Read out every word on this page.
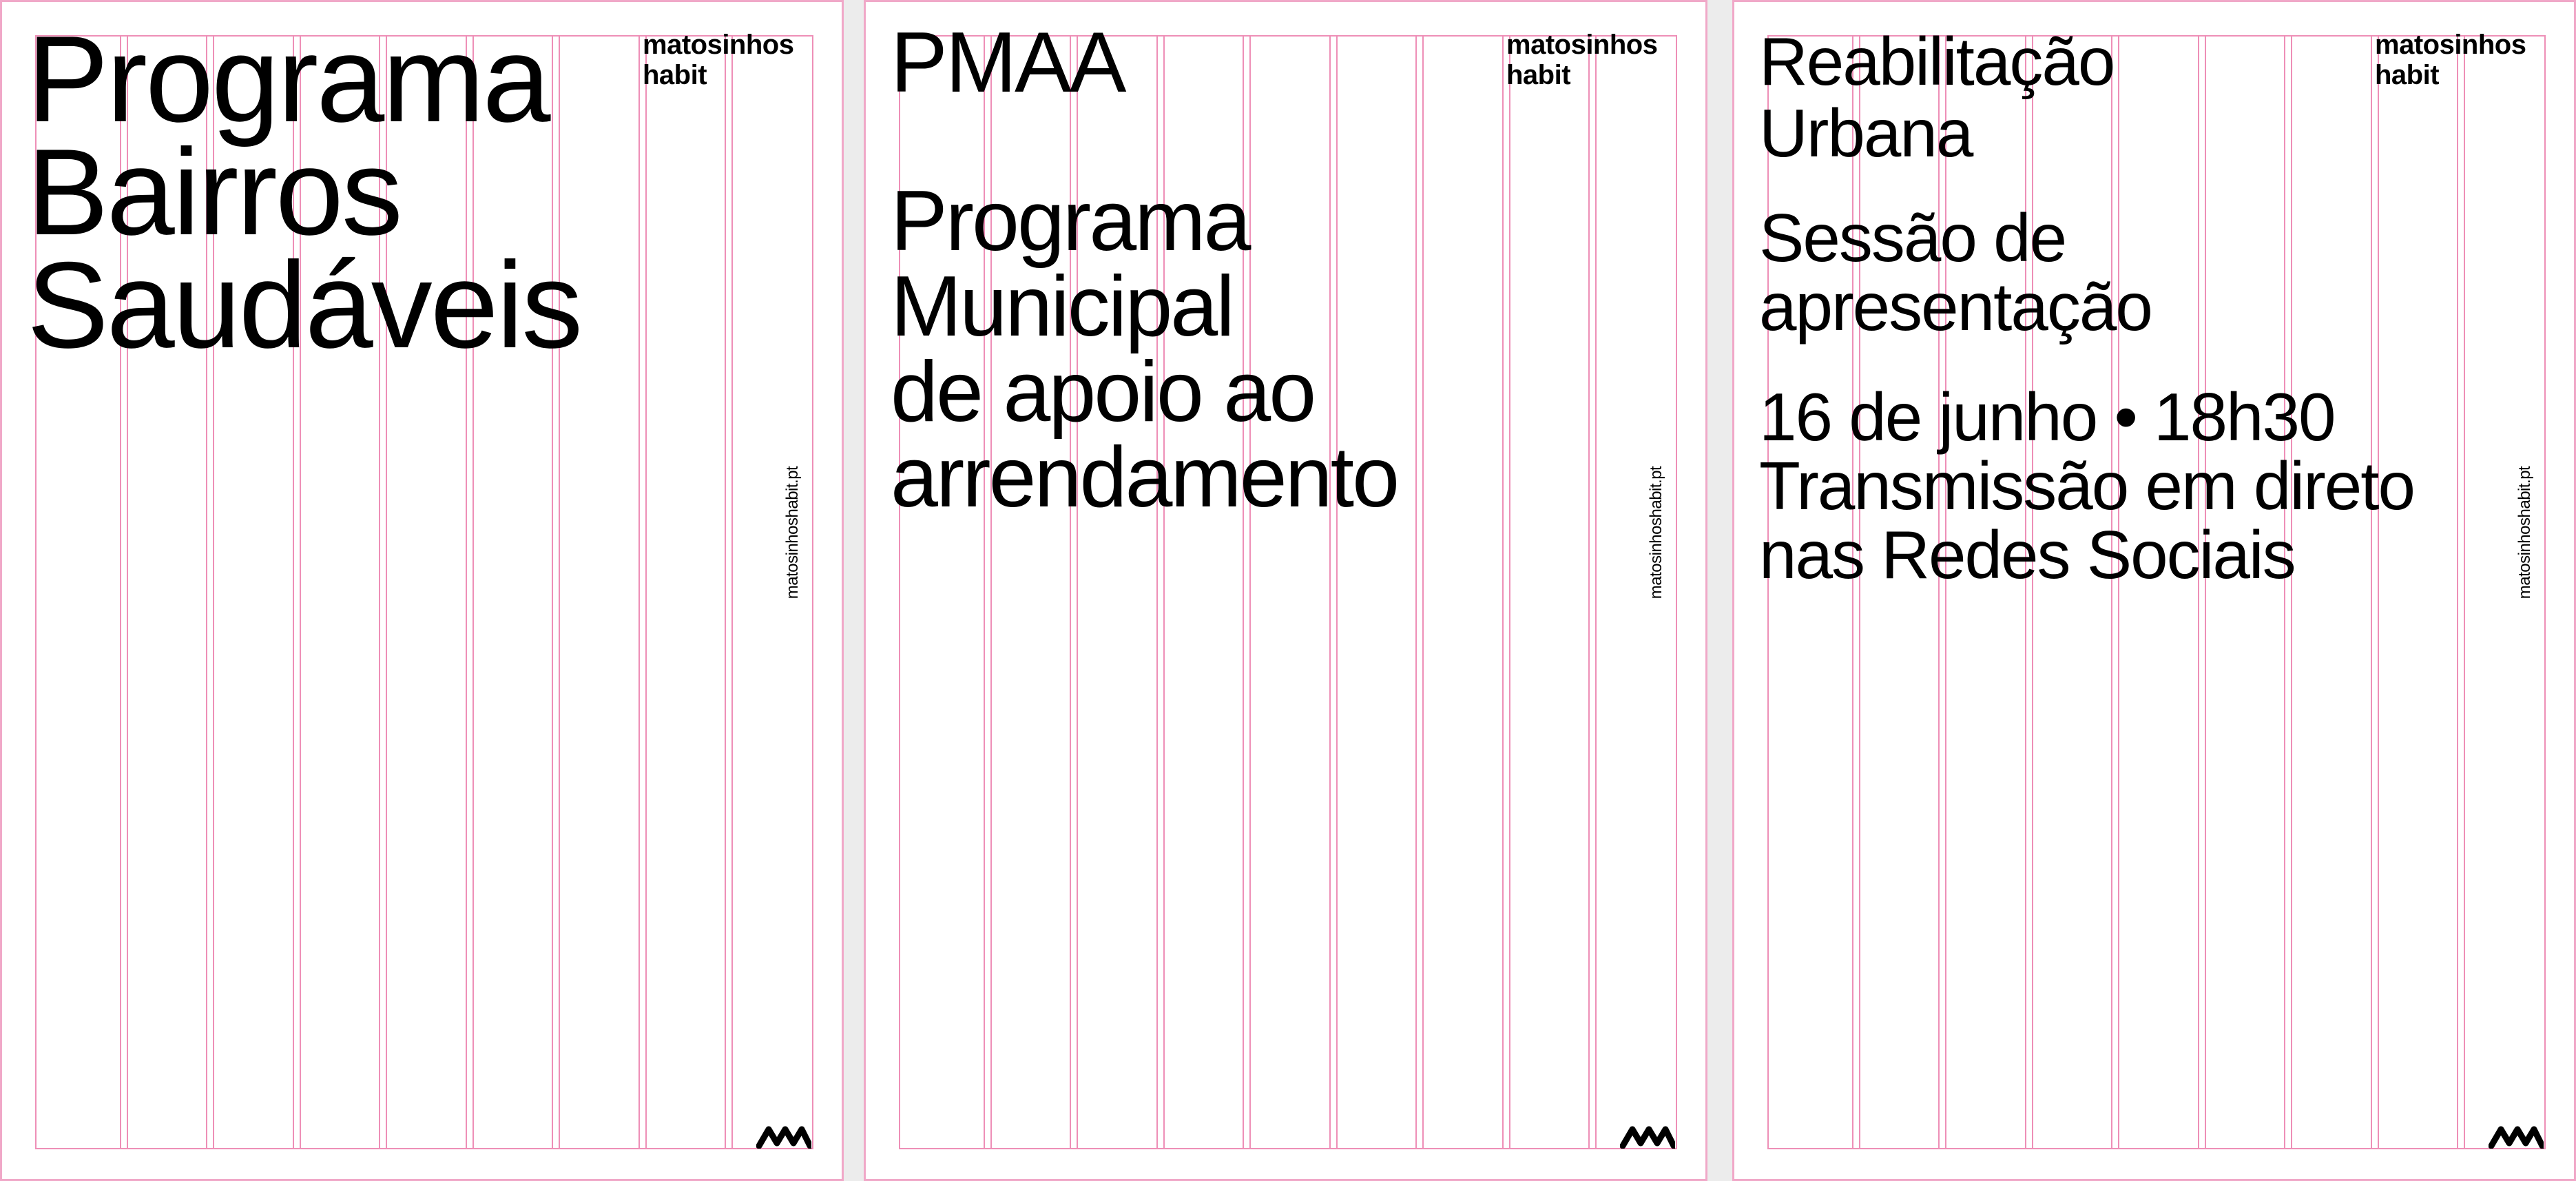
Programa
Bairros
Saudáveis

matosinhos
habit

matosinhoshabit.pt
PMAA
Programa
Municipal
de apoio ao
arrendamento

matosinhos
habit

matosinhoshabit.pt
Reabilitação
Urbana
Sessão de
apresentação
16 de junho • 18h30
Transmissão em direto
nas Redes Sociais

matosinhos
habit

matosinhoshabit.pt
